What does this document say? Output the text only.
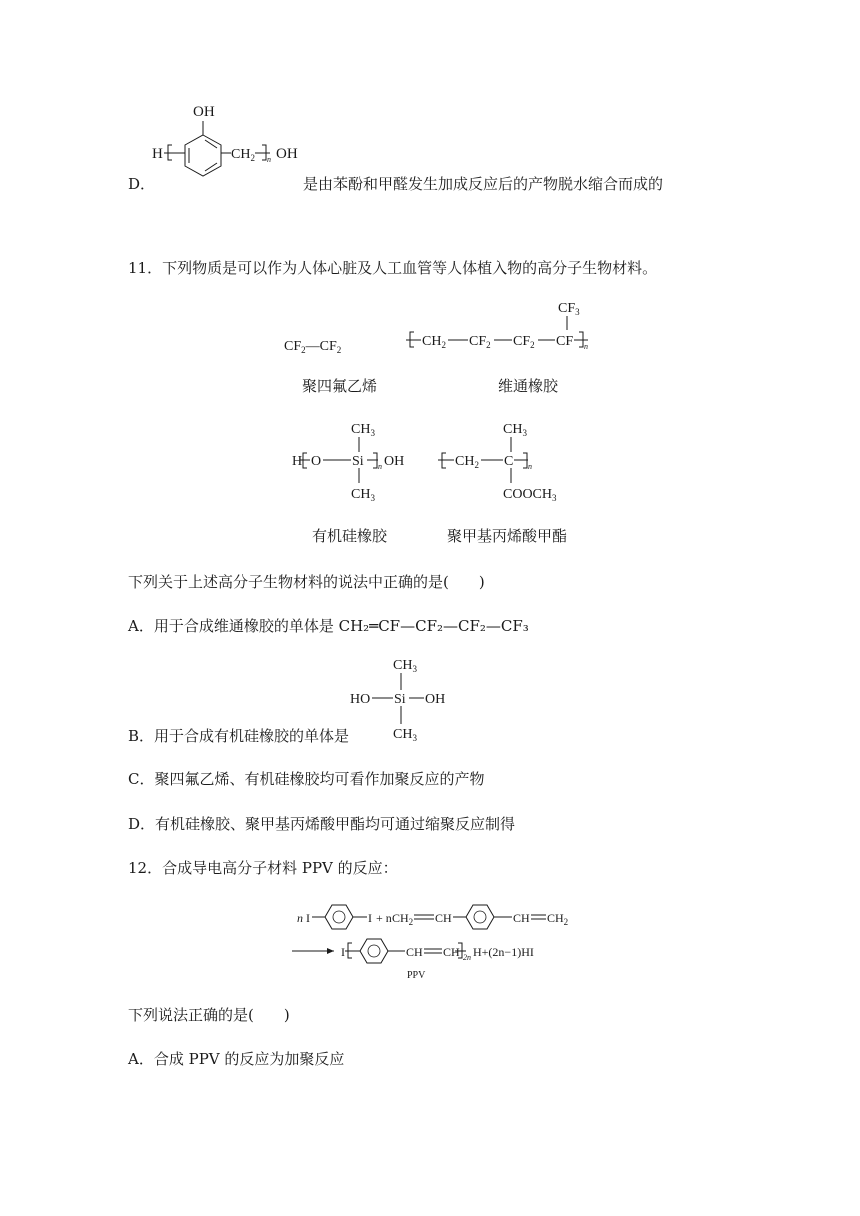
OH
H	$CH_2$ n OH
D．	是由苯酚和甲醛发生加成反应后的产物脱水缩合而成的
11．下列物质是可以作为人体心脏及人工血管等人体植入物的高分子生物材料。
$CF_2—CF_2$
聚四氟乙烯
$CF_3$
$CH_2$ $CF_2$ $CF_2$ CF n
维通橡胶
$CH_3$
H O Si n OH
$CH_3$
有机硅橡胶
$CH_3$
$CH_2$ C n
$COOCH_3$
聚甲基丙烯酸甲酯
下列关于上述高分子生物材料的说法中正确的是(　　)
A．用于合成维通橡胶的单体是 CH₂═CF—CF₂—CF₂—CF₃
$CH_3$
HO Si OH
$CH_3$
B．用于合成有机硅橡胶的单体是
C．聚四氟乙烯、有机硅橡胶均可看作加聚反应的产物
D．有机硅橡胶、聚甲基丙烯酸甲酯均可通过缩聚反应制得
12．合成导电高分子材料 PPV 的反应：
n I	I + n $CH_2$ CH	CH $CH_2$
I	CH CH 2n H+(2n−1)HI
PPV
下列说法正确的是(　　)
A．合成 PPV 的反应为加聚反应
